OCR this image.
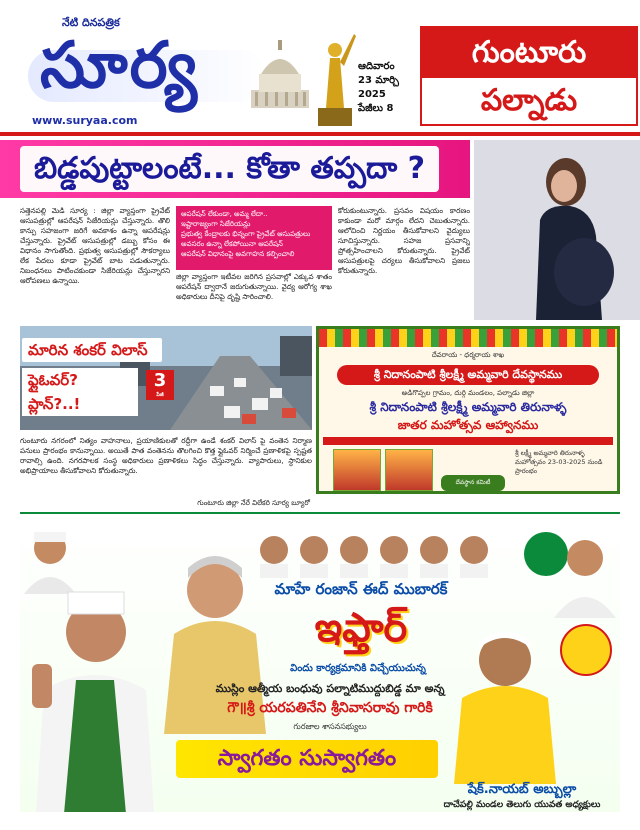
నేటి దినపత్రిక
సూర్య
www.suryaa.com
ఆదివారం
23 మార్చి
2025
పేజీలు 8
గుంటూరు
పల్నాడు
బిడ్డపుట్టాలంటే... కోతా తప్పదా ?
సత్తెనపల్లి మెడి సూర్య : జిల్లా వ్యాప్తంగా ప్రైవేట్ ఆసుపత్రుల్లో ఆపరేషన్ సిజేరియన్లు చేస్తున్నారు. తొలి కాన్పు సహజంగా జరిగే అవకాశం ఉన్నా ఆపరేషన్లు చేస్తున్నారు. ప్రైవేట్ ఆసుపత్రుల్లో డబ్బు కోసం ఈ విధానం సాగుతోంది. ప్రభుత్వ ఆసుపత్రుల్లో సౌకర్యాలు లేక పేదలు కూడా ప్రైవేట్ బాట పడుతున్నారు. నిబంధనలు పాటించకుండా సిజేరియన్లు చేస్తున్నారని ఆరోపణలు ఉన్నాయి.
ఆపరేషన్ లేకుండా, అమ్మ లేదా..
ఇష్టారాజ్యంగా సిజేరియన్లు
ప్రభుత్వ కేంద్రాలకు భిన్నంగా ప్రైవేట్ ఆసుపత్రులు
అవసరం ఉన్నా లేకపోయినా ఆపరేషన్
ఆపరేషన్ విధానంపై అవగాహన కల్పించాలి
జిల్లా వ్యాప్తంగా ఇటీవల జరిగిన ప్రసవాల్లో ఎక్కువ శాతం ఆపరేషన్ ద్వారానే జరుగుతున్నాయి. వైద్య ఆరోగ్య శాఖ అధికారులు దీనిపై దృష్టి సారించాలి.
కోరుకుంటున్నారు. ప్రసవం విషయం కారణం కాకుండా మరో మార్గం లేదని చెబుతున్నారు. ఆలోచించి నిర్ణయం తీసుకోవాలని వైద్యులు సూచిస్తున్నారు. సహజ ప్రసవాన్ని ప్రోత్సహించాలని కోరుతున్నారు. ప్రైవేట్ ఆసుపత్రులపై చర్యలు తీసుకోవాలని ప్రజలు కోరుతున్నారు.
మారిన శంకర్ విలాస్
ఫ్లైఓవర్? ప్లాన్?..!
3
పేజీ
గుంటూరు నగరంలో నిత్యం వాహనాలు, ప్రయాణికులతో రద్దీగా ఉండే శంకర్ విలాస్ పై వంతెన నిర్మాణ పనులు ప్రారంభం కానున్నాయి. అయితే పాత వంతెనను తొలగించి కొత్త ఫ్లైఓవర్ నిర్మించే ప్రణాళికపై స్పష్టత రావాల్సి ఉంది. నగరపాలక సంస్థ అధికారులు ప్రణాళికలు సిద్ధం చేస్తున్నారు. వ్యాపారులు, స్థానికుల అభిప్రాయాలు తీసుకోవాలని కోరుతున్నారు.
గుంటూరు జిల్లా నేరే విలేకరి సూర్య బ్యూరో
దేవరాయ - ధర్మరాయ శాఖ
శ్రీ నిదానంపాటి శ్రీలక్ష్మీ అమ్మవారి దేవస్థానము
అడిగొప్పల గ్రామం, దుర్గి మండలం, పల్నాడు జిల్లా
శ్రీ నిదానంపాటి శ్రీలక్ష్మీ అమ్మవారి తిరునాళ్ళ
జాతర మహోత్సవ ఆహ్వానము
దేవస్థాన కమిటీ
శ్రీ లక్ష్మీ అమ్మవారి తిరునాళ్ళ మహోత్సవం 23-03-2025 నుండి ప్రారంభం
మాహే రంజాన్ ఈద్ ముబారక్
ఇఫ్తార్
విందు కార్యక్రమానికి విచ్చేయుచున్న
ముస్లిం ఆత్మీయ బంధువు పల్నాటిముద్దుబిడ్డ మా అన్న
గౌ॥శ్రీ యరపతినేని శ్రీనివాసరావు గారికి
గురజాల శాసనసభ్యులు
స్వాగతం సుస్వాగతం
షేక్.నాయబ్ అబ్బుల్లా
దాచేపల్లి మండల తెలుగు యువత అధ్యక్షులు
